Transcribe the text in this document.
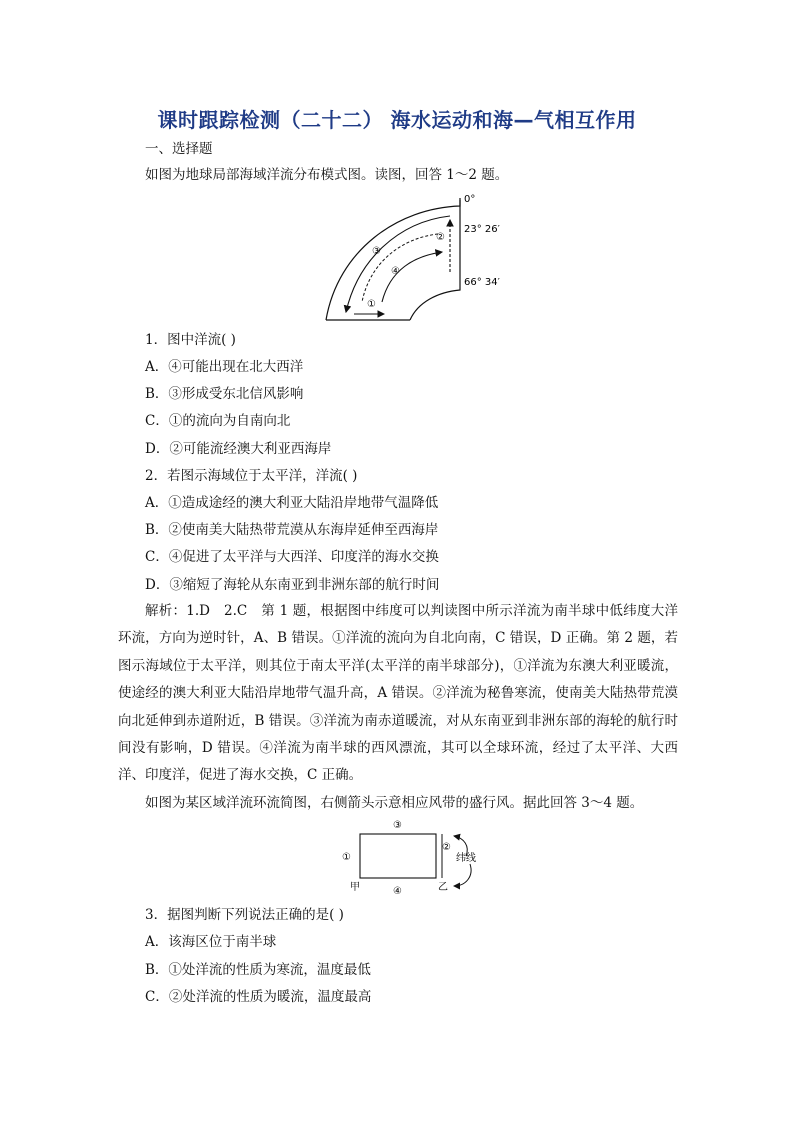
课时跟踪检测（二十二） 海水运动和海—气相互作用
一、选择题
如图为地球局部海域洋流分布模式图。读图，回答 1～2 题。
0°
23° 26′
66° 34′
①
②
③
④
1．图中洋流( )
A．④可能出现在北大西洋
B．③形成受东北信风影响
C．①的流向为自南向北
D．②可能流经澳大利亚西海岸
2．若图示海域位于太平洋，洋流( )
A．①造成途经的澳大利亚大陆沿岸地带气温降低
B．②使南美大陆热带荒漠从东海岸延伸至西海岸
C．④促进了太平洋与大西洋、印度洋的海水交换
D．③缩短了海轮从东南亚到非洲东部的航行时间
解析：1.D　2.C　第 1 题，根据图中纬度可以判读图中所示洋流为南半球中低纬度大洋环流，方向为逆时针，A、B 错误。①洋流的流向为自北向南，C 错误，D 正确。第 2 题，若图示海域位于太平洋，则其位于南太平洋(太平洋的南半球部分)，①洋流为东澳大利亚暖流，使途经的澳大利亚大陆沿岸地带气温升高，A 错误。②洋流为秘鲁寒流，使南美大陆热带荒漠向北延伸到赤道附近，B 错误。③洋流为南赤道暖流，对从东南亚到非洲东部的海轮的航行时间没有影响，D 错误。④洋流为南半球的西风漂流，其可以全球环流，经过了太平洋、大西洋、印度洋，促进了海水交换，C 正确。
如图为某区域洋流环流简图，右侧箭头示意相应风带的盛行风。据此回答 3～4 题。
③
④
①
②
甲	乙
纬线
3．据图判断下列说法正确的是( )
A．该海区位于南半球
B．①处洋流的性质为寒流，温度最低
C．②处洋流的性质为暖流，温度最高
